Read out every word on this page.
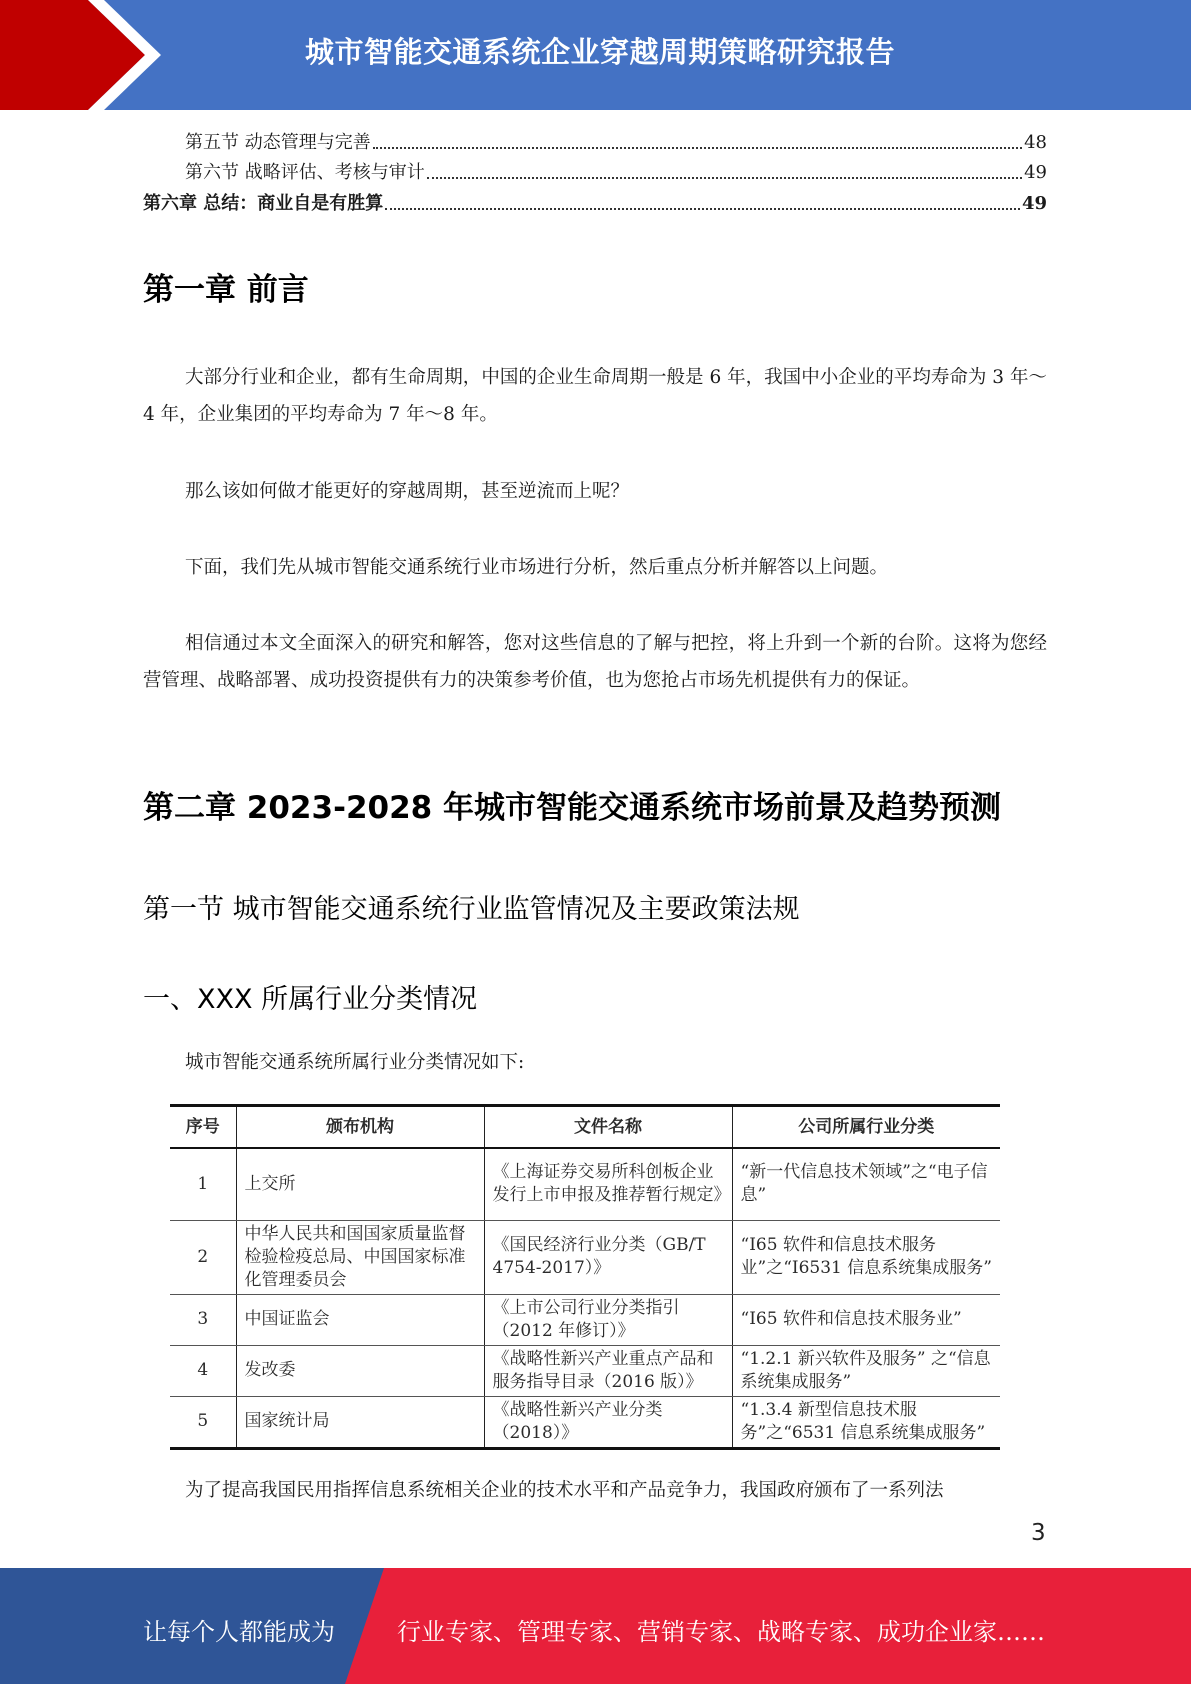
城市智能交通系统企业穿越周期策略研究报告
第五节 动态管理与完善	48
第六节 战略评估、考核与审计	49
第六章 总结：商业自是有胜算	49
第一章 前言

大部分行业和企业，都有生命周期，中国的企业生命周期一般是 6 年，我国中小企业的平均寿命为 3 年～4 年，企业集团的平均寿命为 7 年～8 年。

那么该如何做才能更好的穿越周期，甚至逆流而上呢？

下面，我们先从城市智能交通系统行业市场进行分析，然后重点分析并解答以上问题。

相信通过本文全面深入的研究和解答，您对这些信息的了解与把控，将上升到一个新的台阶。这将为您经营管理、战略部署、成功投资提供有力的决策参考价值，也为您抢占市场先机提供有力的保证。

第二章 2023-2028 年城市智能交通系统市场前景及趋势预测
第一节 城市智能交通系统行业监管情况及主要政策法规
一、XXX 所属行业分类情况

城市智能交通系统所属行业分类情况如下:

序号	颁布机构	文件名称	公司所属行业分类
1	上交所	《上海证券交易所科创板企业发行上市申报及推荐暂行规定》	“新一代信息技术领域”之“电子信息”
2	中华人民共和国国家质量监督检验检疫总局、中国国家标准化管理委员会	《国民经济行业分类（GB/T 4754-2017）》	“I65 软件和信息技术服务业”之“I6531 信息系统集成服务”
3	中国证监会	《上市公司行业分类指引（2012 年修订）》	“I65 软件和信息技术服务业”
4	发改委	《战略性新兴产业重点产品和服务指导目录（2016 版）》	“1.2.1 新兴软件及服务” 之“信息系统集成服务”
5	国家统计局	《战略性新兴产业分类（2018）》	“1.3.4 新型信息技术服务”之“6531 信息系统集成服务”

为了提高我国民用指挥信息系统相关企业的技术水平和产品竞争力，我国政府颁布了一系列法

3
让每个人都能成为	行业专家、管理专家、营销专家、战略专家、成功企业家……
